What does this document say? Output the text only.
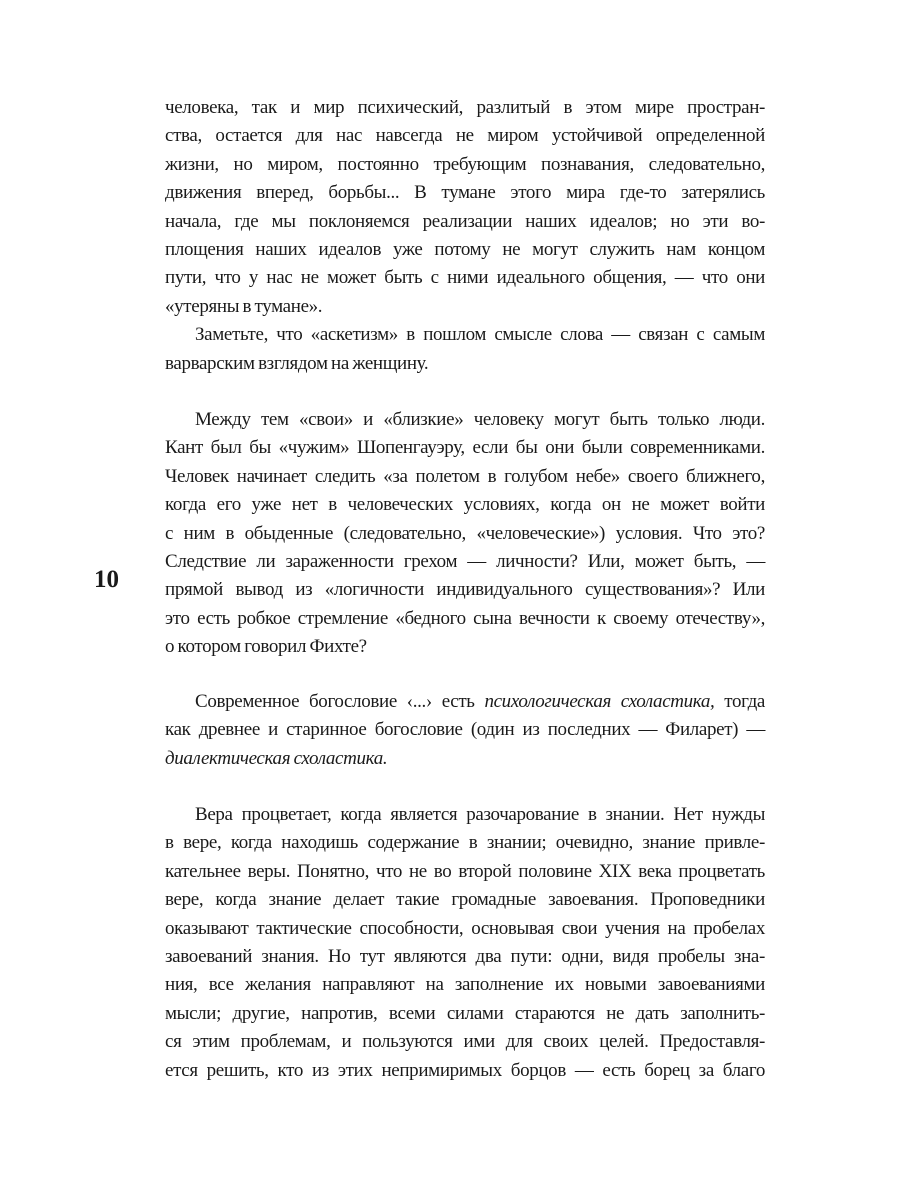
человека, так и мир психический, разлитый в этом мире простран-
ства, остается для нас навсегда не миром устойчивой определенной
жизни, но миром, постоянно требующим познавания, следовательно,
движения вперед, борьбы... В тумане этого мира где-то затерялись
начала, где мы поклоняемся реализации наших идеалов; но эти во-
площения наших идеалов уже потому не могут служить нам концом
пути, что у нас не может быть с ними идеального общения, — что они
«утеряны в тумане».
Заметьте, что «аскетизм» в пошлом смысле слова — связан с самым
варварским взглядом на женщину.
Между тем «свои» и «близкие» человеку могут быть только люди.
Кант был бы «чужим» Шопенгауэру, если бы они были современниками.
Человек начинает следить «за полетом в голубом небе» своего ближнего,
когда его уже нет в человеческих условиях, когда он не может войти
с ним в обыденные (следовательно, «человеческие») условия. Что это?
Следствие ли зараженности грехом — личности? Или, может быть, —
прямой вывод из «логичности индивидуального существования»? Или
это есть робкое стремление «бедного сына вечности к своему отечеству»,
о котором говорил Фихте?
Современное богословие ‹...› есть психологическая схоластика, тогда
как древнее и старинное богословие (один из последних — Филарет) —
диалектическая схоластика.
Вера процветает, когда является разочарование в знании. Нет нужды
в вере, когда находишь содержание в знании; очевидно, знание привле-
кательнее веры. Понятно, что не во второй половине XIX века процветать
вере, когда знание делает такие громадные завоевания. Проповедники
оказывают тактические способности, основывая свои учения на пробелах
завоеваний знания. Но тут являются два пути: одни, видя пробелы зна-
ния, все желания направляют на заполнение их новыми завоеваниями
мысли; другие, напротив, всеми силами стараются не дать заполнить-
ся этим проблемам, и пользуются ими для своих целей. Предоставля-
ется решить, кто из этих непримиримых борцов — есть борец за благо
10
